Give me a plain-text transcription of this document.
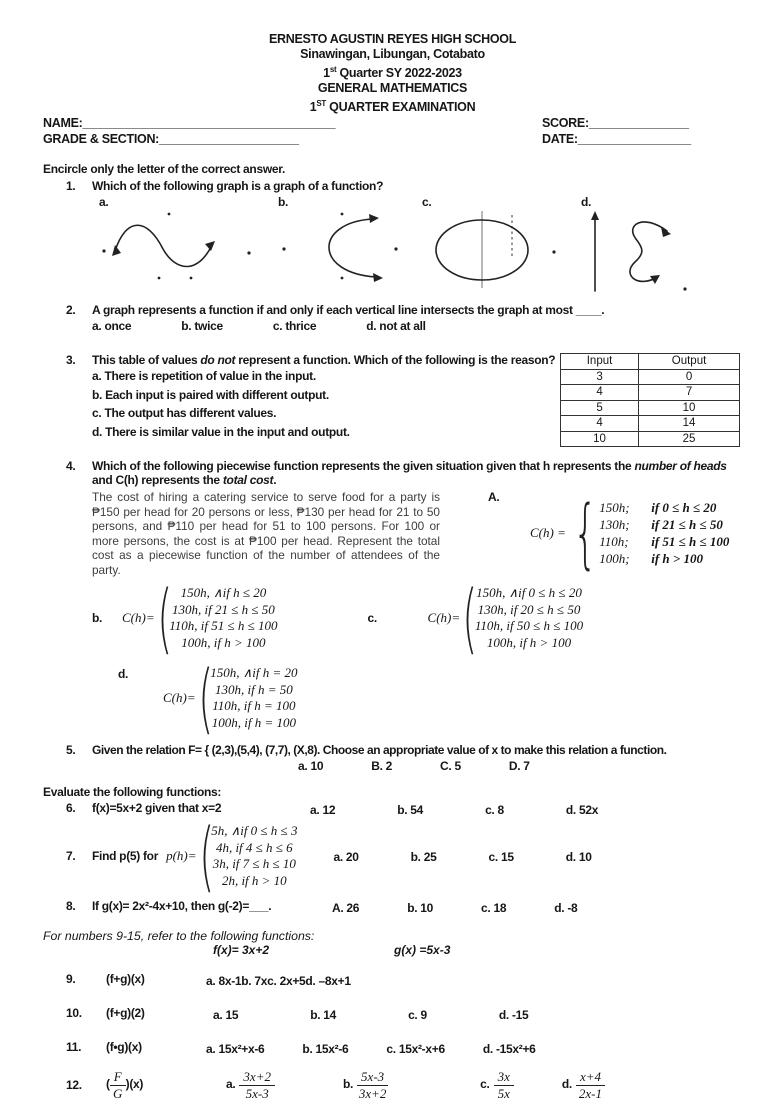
ERNESTO AGUSTIN REYES HIGH SCHOOL
Sinawingan, Libungan, Cotabato
1st Quarter SY 2022-2023
GENERAL MATHEMATICS
1ST QUARTER EXAMINATION
NAME:______________________________________	SCORE:_______________
GRADE & SECTION:_____________________	DATE:_________________
Encircle only the letter of the correct answer.
1.	Which of the following graph is a graph of a function?
a.	b.	c.	d.
2.	A graph represents a function if and only if each vertical line intersects the graph at most ____.
a. once	b. twice	c. thrice	d. not at all
3.	This table of values do not represent a function. Which of the following is the reason?
a. There is repetition of value in the input.
b. Each input is paired with different output.
c. The output has different values.
d. There is similar value in the input and output.
Input	Output
3	0
4	7
5	10
4	14
10	25
4.	Which of the following piecewise function represents the given situation given that h represents the number of heads and C(h) represents the total cost.
The cost of hiring a catering service to serve food for a party is ₱150 per head for 20 persons or less, ₱130 per head for 21 to 50 persons, and ₱110 per head for 51 to 100 persons. For 100 or more persons, the cost is at ₱100 per head. Represent the total cost as a piecewise function of the number of attendees of the party.
A.
C(h) = { 150h;	if 0 ≤ h ≤ 20
130h;	if 21 ≤ h ≤ 50
110h;	if 51 ≤ h ≤ 100
100h;	if h > 100
b.	C(h)= ( 150h, ∧if h ≤ 20
130h, if 21 ≤ h ≤ 50
110h, if 51 ≤ h ≤ 100
100h, if h > 100
c.	C(h)= (
150h, ∧if 0 ≤ h ≤ 20
130h, if 20 ≤ h ≤ 50
110h, if 50 ≤ h ≤ 100
100h, if h > 100
d.
C(h)= (
150h, ∧if h = 20
130h, if h = 50
110h, if h = 100
100h, if h = 100
5.	Given the relation F= { (2,3),(5,4), (7,7), (X,8). Choose an appropriate value of x to make this relation a function.
a. 10	B. 2	C. 5	D. 7
Evaluate the following functions:
6.	f(x)=5x+2 given that x=2	a. 12	b. 54	c. 8	d. 52x
7.	Find p(5) for p(h)= (
5h, ∧if 0 ≤ h ≤ 3
4h, if 4 ≤ h ≤ 6
3h, if 7 ≤ h ≤ 10
2h, if h > 10
a. 20	b. 25	c. 15	d. 10
8.	If g(x)= 2x²-4x+10, then g(-2)=___.	A. 26	b. 10	c. 18	d. -8
For numbers 9-15, refer to the following functions:
f(x)= 3x+2	g(x) =5x-3
9.	(f+g)(x)	a. 8x-1 b. 7x c. 2x+5 d. –8x+1
10.	(f+g)(2)	a. 15	b. 14	c. 9	d. -15
11.	(f•g)(x)	a. 15x²+x-6	b. 15x²-6	c. 15x²-x+6	d. -15x²+6
12.	( $\frac{F}{G} )(x)$	a. $\frac{3x+2}{5x-3}$	b. $\frac{5x-3}{3x+2}$	c. $\frac{3x}{5x}$	d. $\frac{x+4}{2x-1}$
